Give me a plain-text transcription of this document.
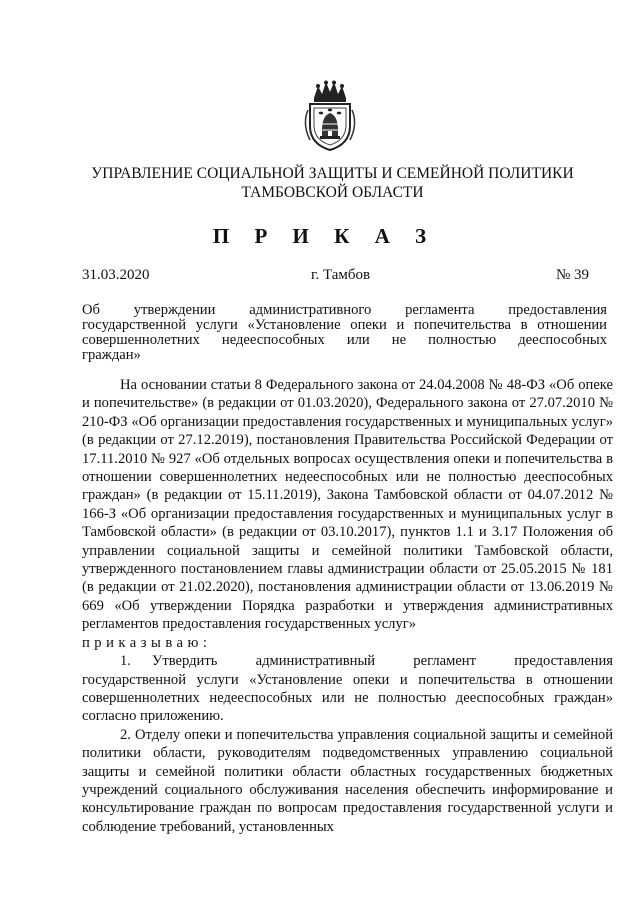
УПРАВЛЕНИЕ СОЦИАЛЬНОЙ ЗАЩИТЫ И СЕМЕЙНОЙ ПОЛИТИКИ
ТАМБОВСКОЙ ОБЛАСТИ
П Р И К А З
31.03.2020	г. Тамбов	№ 39
Об утверждении административного регламента предоставления
государственной услуги «Установление опеки и попечительства в отношении
совершеннолетних недееспособных или не полностью дееспособных
граждан»

На основании статьи 8 Федерального закона от 24.04.2008 № 48-ФЗ «Об опеке и попечительстве» (в редакции от 01.03.2020), Федерального закона от 27.07.2010 № 210-ФЗ «Об организации предоставления государственных и муниципальных услуг» (в редакции от 27.12.2019), постановления Правительства Российской Федерации от 17.11.2010 № 927 «Об отдельных вопросах осуществления опеки и попечительства в отношении совершеннолетних недееспособных или не полностью дееспособных граждан» (в редакции от 15.11.2019), Закона Тамбовской области от 04.07.2012 № 166-З «Об организации предоставления государственных и муниципальных услуг в Тамбовской области» (в редакции от 03.10.2017), пунктов 1.1 и 3.17 Положения об управлении социальной защиты и семейной политики Тамбовской области, утвержденного постановлением главы администрации области от 25.05.2015 № 181 (в редакции от 21.02.2020), постановления администрации области от 13.06.2019 № 669 «Об утверждении Порядка разработки и утверждения административных регламентов предоставления государственных услуг»

приказываю:

1. Утвердить административный регламент предоставления государственной услуги «Установление опеки и попечительства в отношении совершеннолетних недееспособных или не полностью дееспособных граждан» согласно приложению.

2. Отделу опеки и попечительства управления социальной защиты и семейной политики области, руководителям подведомственных управлению социальной защиты и семейной политики области областных государственных бюджетных учреждений социального обслуживания населения обеспечить информирование и консультирование граждан по вопросам предоставления государственной услуги и соблюдение требований, установленных
